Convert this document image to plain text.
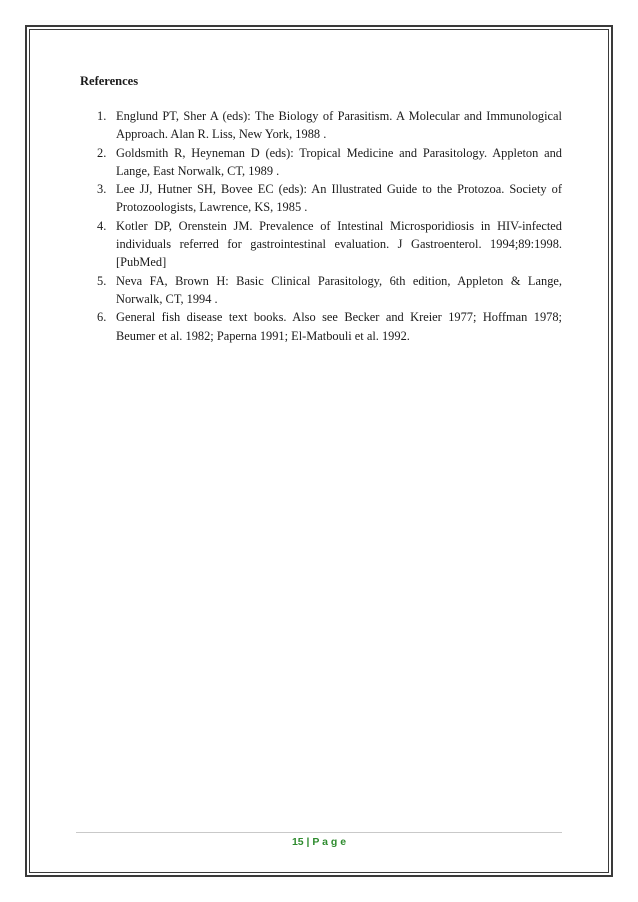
References
1. Englund PT, Sher A (eds): The Biology of Parasitism. A Molecular and Immunological Approach. Alan R. Liss, New York, 1988 .
2. Goldsmith R, Heyneman D (eds): Tropical Medicine and Parasitology. Appleton and Lange, East Norwalk, CT, 1989 .
3. Lee JJ, Hutner SH, Bovee EC (eds): An Illustrated Guide to the Protozoa. Society of Protozoologists, Lawrence, KS, 1985 .
4. Kotler DP, Orenstein JM. Prevalence of Intestinal Microsporidiosis in HIV-infected individuals referred for gastrointestinal evaluation. J Gastroenterol. 1994;89:1998. [PubMed]
5. Neva FA, Brown H: Basic Clinical Parasitology, 6th edition, Appleton & Lange, Norwalk, CT, 1994 .
6. General fish disease text books. Also see Becker and Kreier 1977; Hoffman 1978; Beumer et al. 1982; Paperna 1991; El-Matbouli et al. 1992.
15 | P a g e
